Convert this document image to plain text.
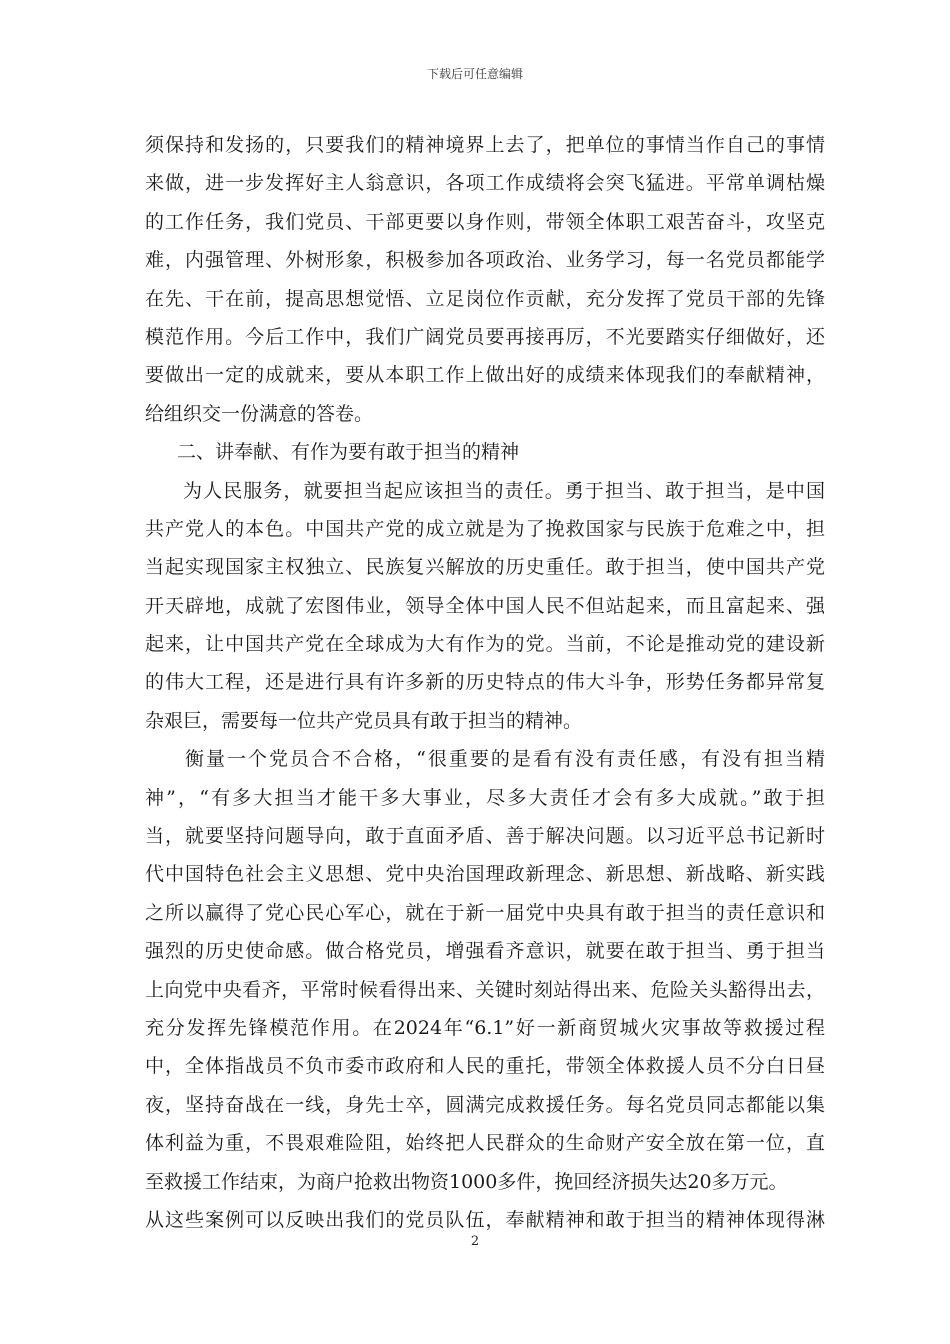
下载后可任意编辑
须保持和发扬的，只要我们的精神境界上去了，把单位的事情当作自己的事情
来做，进一步发挥好主人翁意识，各项工作成绩将会突飞猛进。平常单调枯燥
的工作任务，我们党员、干部更要以身作则，带领全体职工艰苦奋斗，攻坚克
难，内强管理、外树形象，积极参加各项政治、业务学习，每一名党员都能学
在先、干在前，提高思想觉悟、立足岗位作贡献，充分发挥了党员干部的先锋
模范作用。今后工作中，我们广阔党员要再接再厉，不光要踏实仔细做好，还
要做出一定的成就来，要从本职工作上做出好的成绩来体现我们的奉献精神，
给组织交一份满意的答卷。
二、讲奉献、有作为要有敢于担当的精神
为人民服务，就要担当起应该担当的责任。勇于担当、敢于担当，是中国
共产党人的本色。中国共产党的成立就是为了挽救国家与民族于危难之中，担
当起实现国家主权独立、民族复兴解放的历史重任。敢于担当，使中国共产党
开天辟地，成就了宏图伟业，领导全体中国人民不但站起来，而且富起来、强
起来，让中国共产党在全球成为大有作为的党。当前，不论是推动党的建设新
的伟大工程，还是进行具有许多新的历史特点的伟大斗争，形势任务都异常复
杂艰巨，需要每一位共产党员具有敢于担当的精神。
衡量一个党员合不合格，“很重要的是看有没有责任感，有没有担当精
神”，“有多大担当才能干多大事业，尽多大责任才会有多大成就。”敢于担
当，就要坚持问题导向，敢于直面矛盾、善于解决问题。以习近平总书记新时
代中国特色社会主义思想、党中央治国理政新理念、新思想、新战略、新实践
之所以赢得了党心民心军心，就在于新一届党中央具有敢于担当的责任意识和
强烈的历史使命感。做合格党员，增强看齐意识，就要在敢于担当、勇于担当
上向党中央看齐，平常时候看得出来、关键时刻站得出来、危险关头豁得出去，
充分发挥先锋模范作用。在2024年“6.1”好一新商贸城火灾事故等救援过程
中，全体指战员不负市委市政府和人民的重托，带领全体救援人员不分白日昼
夜，坚持奋战在一线，身先士卒，圆满完成救援任务。每名党员同志都能以集
体利益为重，不畏艰难险阻，始终把人民群众的生命财产安全放在第一位，直
至救援工作结束，为商户抢救出物资1000多件，挽回经济损失达20多万元。
从这些案例可以反映出我们的党员队伍，奉献精神和敢于担当的精神体现得淋
2
